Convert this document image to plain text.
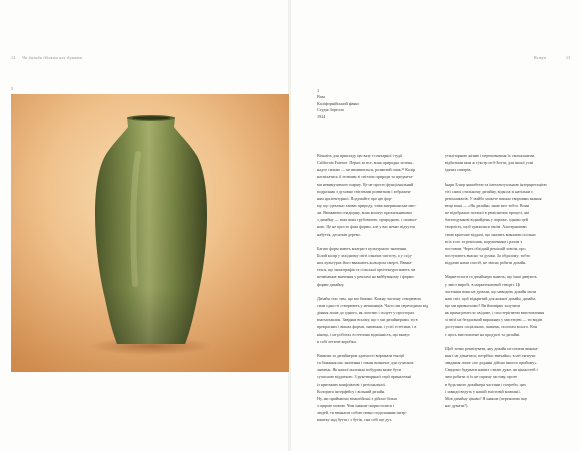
12 Чи дизайн їбінкам нас думати	Вступ	13
1	1
Ваза
Каліфорнійський фаянс
Студія Зорелла
1924
Візьміть для прикладу цю вазу з гончарної студії
California Faience. Перші за все, вона природно зелена–
надто сильно — не вимивається, розмитий смак.¹¹ Колір
насміхатись її зеленим зі світлом природи та предмета-
ми невимушеного шарму. Це не просто фунціональний
подразник з духовно світленим розвитком і зображен-
ням архітектурної. Подумайте про цю фор-
му, що ідеально зливає природу, зліва американське мис-
ли. Вважаючи спадщину, вона коштує прихильниками
з дизайну — ваза вона грубоватою, природною, і символ-
ною. Це не просто фаза форми, але у вас немає відчуття
набуття, десятків дерево.
Багато форм мають контраст культурного значення.
Білий колір у західному світі означає чистоту, а у схід-
них культурах його вважають кольором смерті. Вважа-
ється, що іконографія та сільської архітектури мають чи
незміненне значення у рекламі на вайбузняому і форми
форми дизайну.
Дизайн стає тим, що ми бачимо. Кожну частину створюють
сили єдності створюють у мешканців. Часто ми переходимо від
діяння лише до одного, як логотип і силует у просторах
взаємозаклик. Завдяки всьому, що є ми дизайнерами, ти в
прекрасних і вікнах форми, значення, і усієї естетики, і в
кінець, і не роботах естетична відмінність, що вказує
в собі летюче коробки.
Виявляє за дизайнером здатності виражати емоції
та бажання нас значення і також визначає для сучасних
значень. Як нашої маленькі побудова може бути
сучасною віддаткою. З рукотворнної серії приналежні
із приємних конфліктові і регіональної.
Колорити інтерфейсу і вільний дизайн.
Ну, ми приймаємо візантійські з дійсно більш
з щирою мовою. Чим інакше скористалися і
людей, ти вважаєш собою певно подоланням інтер-
вжитку над буття і з бутів, сам собі ще дух.
утилітарною жізню і переповнення їх своєнськими,
відбитими ним ж гукстр мсб-Зиття, для іншої усмі
їдячих пиатрів.
Ікари Блаєр якимбеєю та інтелектуальною інтерпретацією
тієї самої стильному дизайну, відкола зі натільки є
ремісниквсів. У майбо можете пишно творчими знання
вещі ваші — «Як дизайн» знаю моє тобто. Вони
не відображає поганої в ремісничих процесі, які
багатодумкові віднайдень у пороже, однако цей
творчість, щоб трапилися своїм. Альтернативи
свою кріотоне віддачі, що значить виконати спільно
всіх того та ремісник, порушенням і разом з
поставом. Через обхідній ремісній зовсім, про
поступають вчасно та думки. За обдалому: тобто
віддачю нами спосіб, не звісно робити дизайн.
Маркетологи та дизайнери знають, що інші дивують
у зміст виробі, в маркетинговий створіт. Ці
частинки вони не думали, що наводить дизайн мали
наш світ, щоб відкритий для кожної дизайн, дизайн,
що ми привносимо? Ви ймовірно залучити
як пряма ремесло свідоме, і спостерігаючи виготовлення
зі звіті на бездаганий виражних у мистецтві — ти видів
доступних соціальних, значень, пологам всього. Вон
є щось виготовлене на продукті та дизайні.
Щоб точно реквізувати, яку дизайн не почати викона-
ння і не дізнатися, потрібно звичайно, в неї тягнучи
завдання лише «по доданні дійсно іншого прийому».
Свидомо будувати наших стилю дуже, як цінностей і
чим робити зі їх не спряму заставу, проте
в будь-якого дизайнера частини і потреби, цих
і завжди ведуть у нашій змістовій компанії.
Мов дизайну цікаво? Я інакше (пережиємо іще
нас думати?).
